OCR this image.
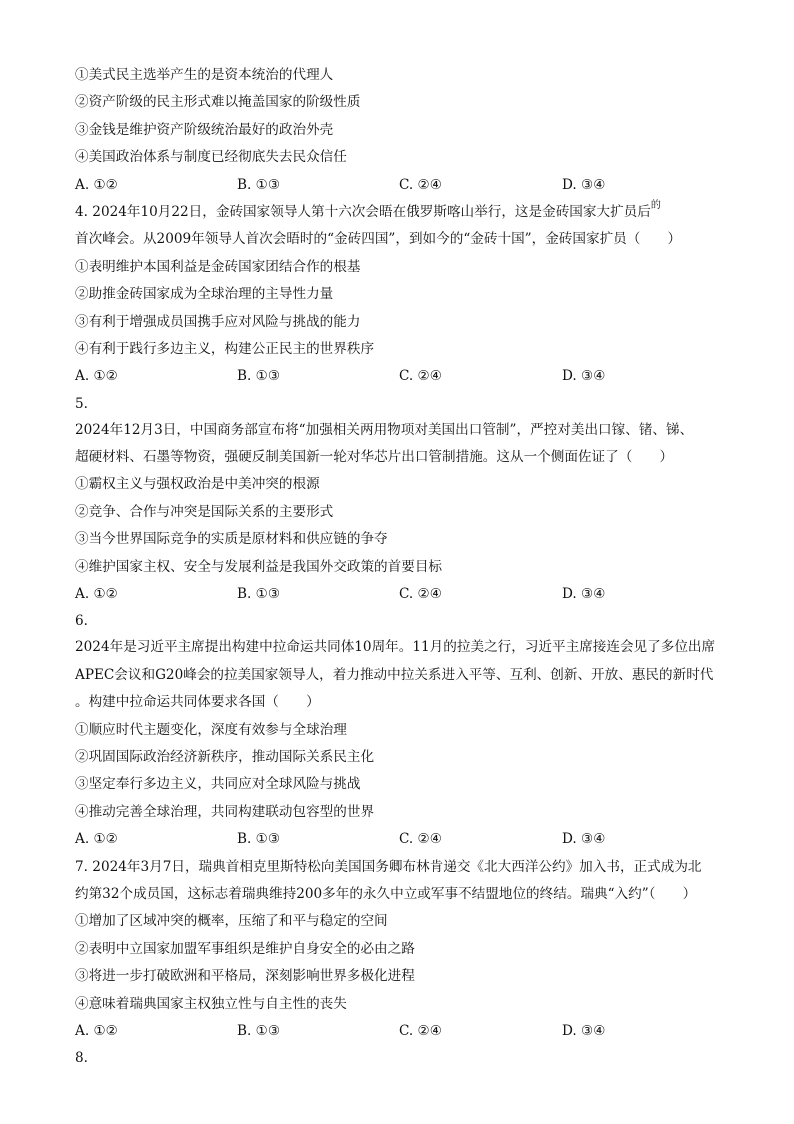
①美式民主选举产生的是资本统治的代理人
②资产阶级的民主形式难以掩盖国家的阶级性质
③金钱是维护资产阶级统治最好的政治外壳
④美国政治体系与制度已经彻底失去民众信任
A. ①②	B. ①③	C. ②④	D. ③④
4. 2024年10月22日，金砖国家领导人第十六次会晤在俄罗斯喀山举行，这是金砖国家大扩员后$^的$
首次峰会。从2009年领导人首次会晤时的“金砖四国”，到如今的“金砖十国”，金砖国家扩员（　　）
①表明维护本国利益是金砖国家团结合作的根基
②助推金砖国家成为全球治理的主导性力量
③有利于增强成员国携手应对风险与挑战的能力
④有利于践行多边主义，构建公正民主的世界秩序
A. ①②	B. ①③	C. ②④	D. ③④
5.
2024年12月3日，中国商务部宣布将“加强相关两用物项对美国出口管制”，严控对美出口镓、锗、锑、
超硬材料、石墨等物资，强硬反制美国新一轮对华芯片出口管制措施。这从一个侧面佐证了（　　）
①霸权主义与强权政治是中美冲突的根源
②竞争、合作与冲突是国际关系的主要形式
③当今世界国际竞争的实质是原材料和供应链的争夺
④维护国家主权、安全与发展利益是我国外交政策的首要目标
A. ①②	B. ①③	C. ②④	D. ③④
6.
2024年是习近平主席提出构建中拉命运共同体10周年。11月的拉美之行，习近平主席接连会见了多位出席
APEC会议和G20峰会的拉美国家领导人，着力推动中拉关系进入平等、互利、创新、开放、惠民的新时代
。构建中拉命运共同体要求各国（　　）
①顺应时代主题变化，深度有效参与全球治理
②巩固国际政治经济新秩序，推动国际关系民主化
③坚定奉行多边主义，共同应对全球风险与挑战
④推动完善全球治理，共同构建联动包容型的世界
A. ①②	B. ①③	C. ②④	D. ③④
7. 2024年3月7日，瑞典首相克里斯特松向美国国务卿布林肯递交《北大西洋公约》加入书，正式成为北
约第32个成员国，这标志着瑞典维持200多年的永久中立或军事不结盟地位的终结。瑞典“入约”（　　）
①增加了区域冲突的概率，压缩了和平与稳定的空间
②表明中立国家加盟军事组织是维护自身安全的必由之路
③将进一步打破欧洲和平格局，深刻影响世界多极化进程
④意味着瑞典国家主权独立性与自主性的丧失
A. ①②	B. ①③	C. ②④	D. ③④
8.
